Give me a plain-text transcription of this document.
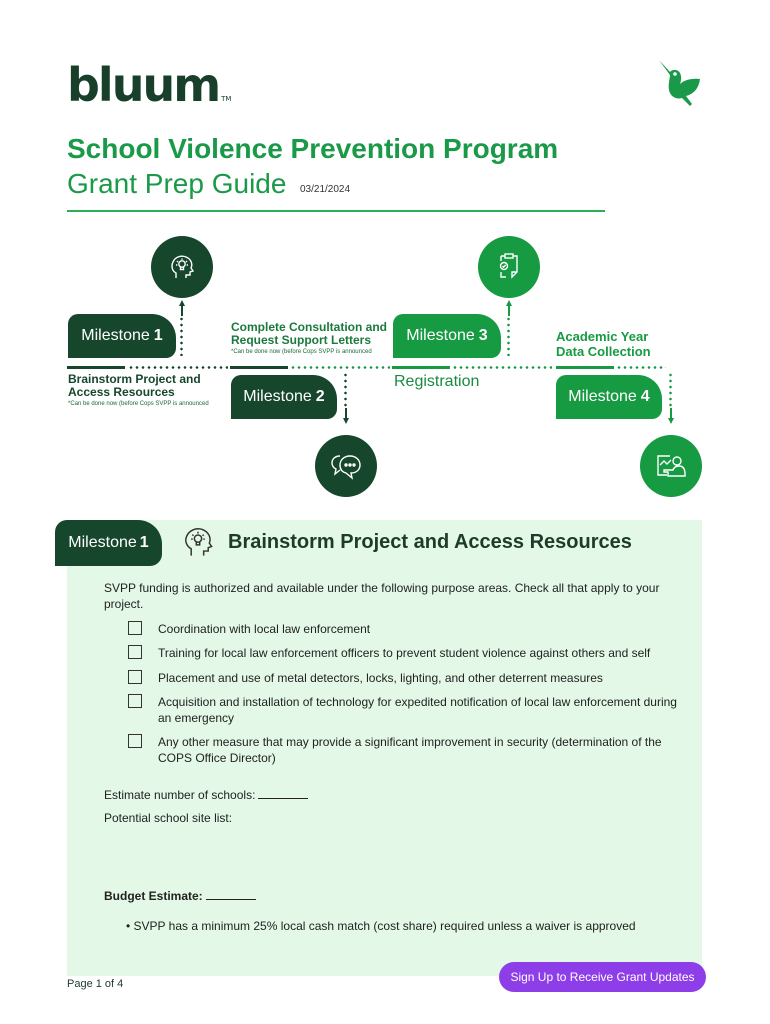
bluum TM
School Violence Prevention Program
Grant Prep Guide 03/21/2024
Milestone 1
Brainstorm Project and
Access Resources
*Can be done now (before Cops SVPP is announced
Complete Consultation and
Request Support Letters
*Can be done now (before Cops SVPP is announced
Milestone 2
Milestone 3
Registration
Academic Year
Data Collection
Milestone 4
Milestone 1	Brainstorm Project and Access Resources
SVPP funding is authorized and available under the following purpose areas. Check all that apply to your project.
Coordination with local law enforcement
Training for local law enforcement officers to prevent student violence against others and self
Placement and use of metal detectors, locks, lighting, and other deterrent measures
Acquisition and installation of technology for expedited notification of local law enforcement during an emergency
Any other measure that may provide a significant improvement in security (determination of the COPS Office Director)
Estimate number of schools:
Potential school site list:
Budget Estimate:
• SVPP has a minimum 25% local cash match (cost share) required unless a waiver is approved
Page 1 of 4	Sign Up to Receive Grant Updates
